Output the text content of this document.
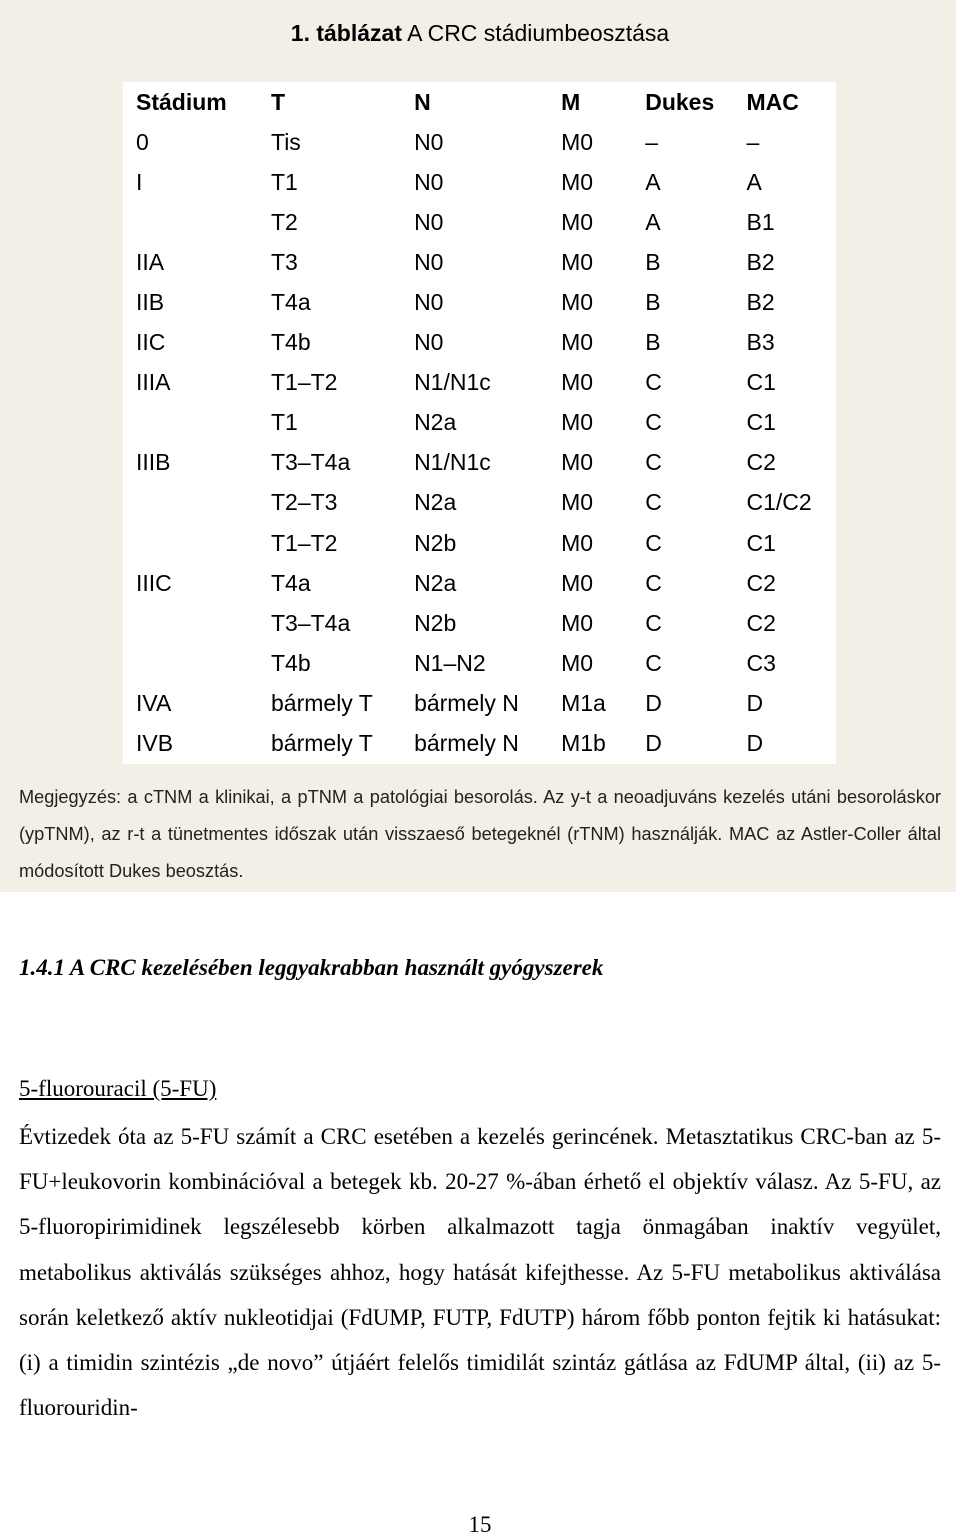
1. táblázat A CRC stádiumbeosztása
Stádium	T	N	M	Dukes	MAC
0	Tis	N0	M0	–	–
I	T1	N0	M0	A	A
	T2	N0	M0	A	B1
IIA	T3	N0	M0	B	B2
IIB	T4a	N0	M0	B	B2
IIC	T4b	N0	M0	B	B3
IIIA	T1–T2	N1/N1c	M0	C	C1
	T1	N2a	M0	C	C1
IIIB	T3–T4a	N1/N1c	M0	C	C2
	T2–T3	N2a	M0	C	C1/C2
	T1–T2	N2b	M0	C	C1
IIIC	T4a	N2a	M0	C	C2
	T3–T4a	N2b	M0	C	C2
	T4b	N1–N2	M0	C	C3
IVA	bármely T	bármely N	M1a	D	D
IVB	bármely T	bármely N	M1b	D	D
Megjegyzés: a cTNM a klinikai, a pTNM a patológiai besorolás. Az y-t a neoadjuváns kezelés utáni besoroláskor (ypTNM), az r-t a tünetmentes időszak után visszaeső betegeknél (rTNM) használják. MAC az Astler-Coller által módosított Dukes beosztás.
1.4.1 A CRC kezelésében leggyakrabban használt gyógyszerek
5-fluorouracil (5-FU)
Évtizedek óta az 5-FU számít a CRC esetében a kezelés gerincének. Metasztatikus CRC-ban az 5-FU+leukovorin kombinációval a betegek kb. 20-27 %-ában érhető el objektív válasz. Az 5-FU, az 5-fluoropirimidinek legszélesebb körben alkalmazott tagja önmagában inaktív vegyület, metabolikus aktiválás szükséges ahhoz, hogy hatását kifejthesse. Az 5-FU metabolikus aktiválása során keletkező aktív nukleotidjai (FdUMP, FUTP, FdUTP) három főbb ponton fejtik ki hatásukat: (i) a timidin szintézis „de novo” útjáért felelős timidilát szintáz gátlása az FdUMP által, (ii) az 5-fluorouridin-
15
